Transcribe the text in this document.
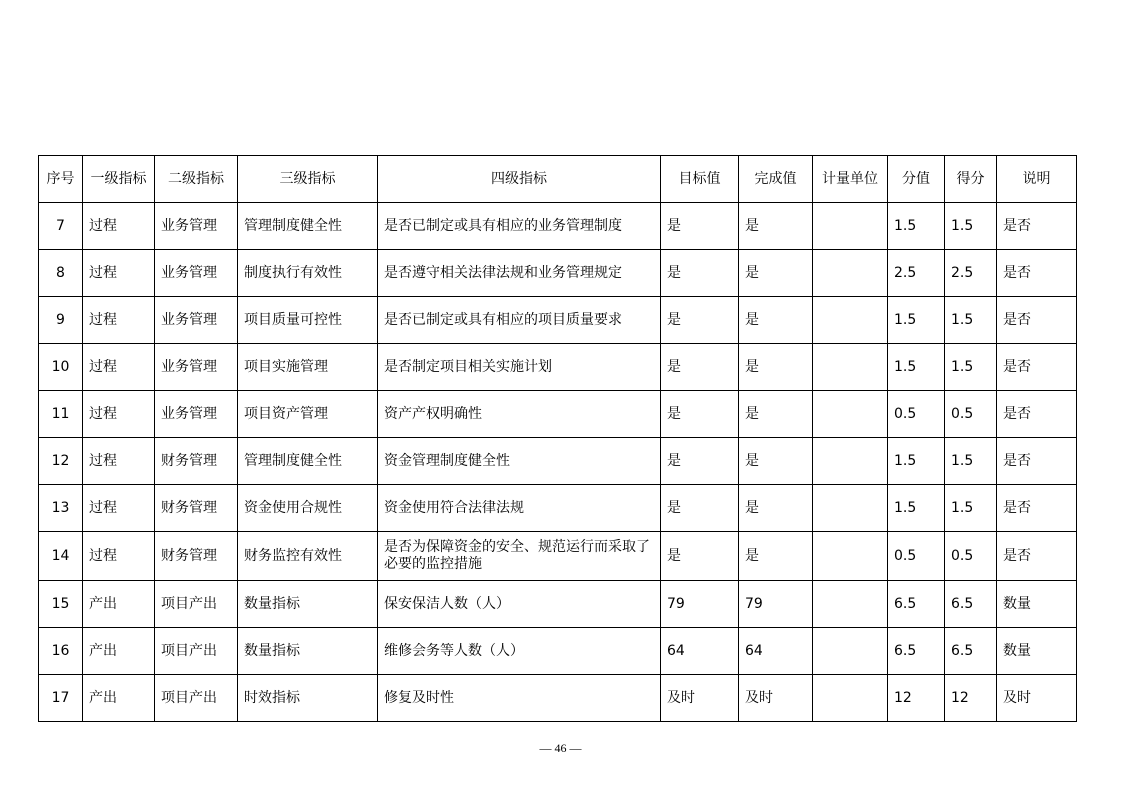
序号	一级指标	二级指标	三级指标	四级指标	目标值	完成值	计量单位	分值	得分	说明
7	过程	业务管理	管理制度健全性	是否已制定或具有相应的业务管理制度	是	是		1.5	1.5	是否
8	过程	业务管理	制度执行有效性	是否遵守相关法律法规和业务管理规定	是	是		2.5	2.5	是否
9	过程	业务管理	项目质量可控性	是否已制定或具有相应的项目质量要求	是	是		1.5	1.5	是否
10	过程	业务管理	项目实施管理	是否制定项目相关实施计划	是	是		1.5	1.5	是否
11	过程	业务管理	项目资产管理	资产产权明确性	是	是		0.5	0.5	是否
12	过程	财务管理	管理制度健全性	资金管理制度健全性	是	是		1.5	1.5	是否
13	过程	财务管理	资金使用合规性	资金使用符合法律法规	是	是		1.5	1.5	是否
14	过程	财务管理	财务监控有效性	是否为保障资金的安全、规范运行而采取了必要的监控措施	是	是		0.5	0.5	是否
15	产出	项目产出	数量指标	保安保洁人数（人）	79	79		6.5	6.5	数量
16	产出	项目产出	数量指标	维修会务等人数（人）	64	64		6.5	6.5	数量
17	产出	项目产出	时效指标	修复及时性	及时	及时		12	12	及时
— 46 —
